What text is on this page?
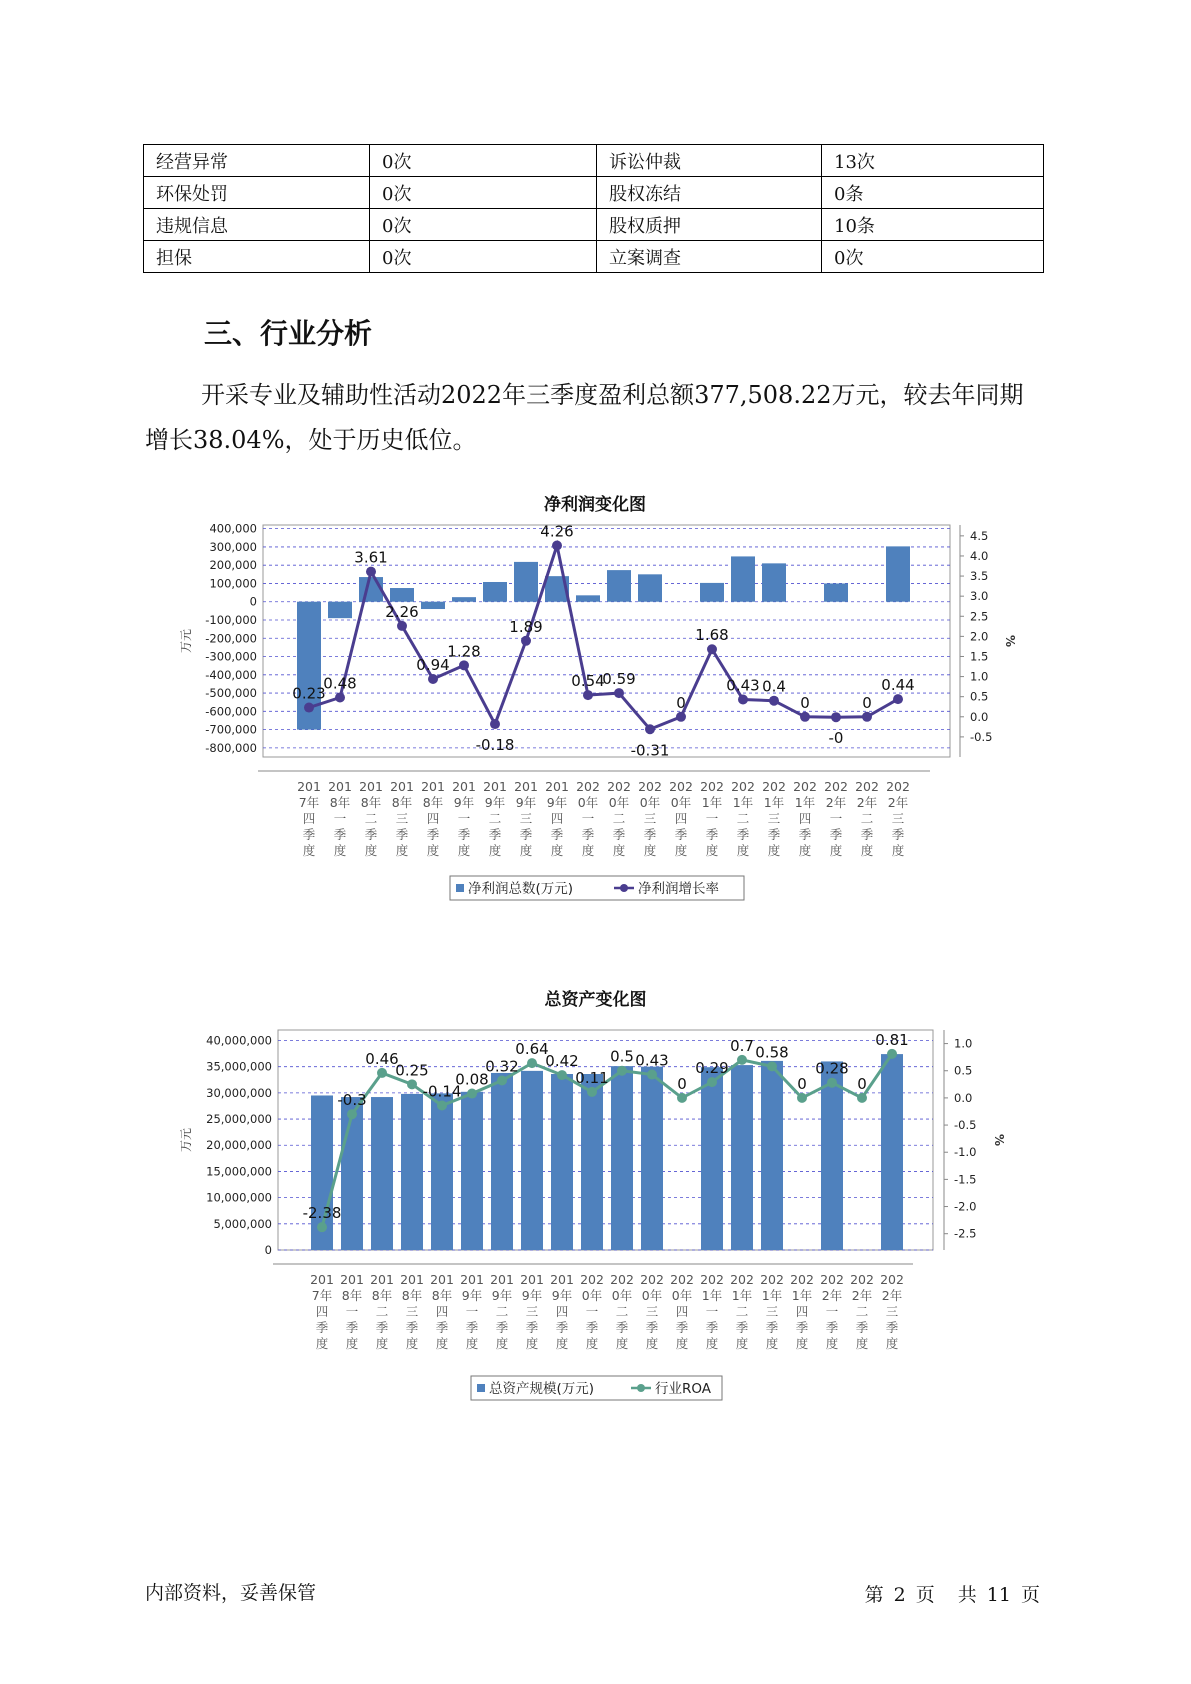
经营异常	0次	诉讼仲裁	13次
环保处罚	0次	股权冻结	0条
违规信息	0次	股权质押	10条
担保	0次	立案调查	0次
三、行业分析

开采专业及辅助性活动2022年三季度盈利总额377,508.22万元，较去年同期增长38.04%，处于历史低位。

净利润变化图
400,000
300,000
200,000
100,000
0
-100,000
-200,000
-300,000
-400,000
-500,000
-600,000
-700,000
-800,000
万元
4.5
4.0
3.5
3.0
2.5
2.0
1.5
1.0
0.5
0.0
-0.5
%
0.23
0.48
3.61
2.26
0.94
1.28
-0.18
1.89
4.26
0.54
0.59
-0.31
0
1.68
0.43 0.4
0
-0
0
0.44
201
7年
四
季
度
201
8年
一
季
度
201
8年
二
季
度
201
8年
三
季
度
201
8年
四
季
度
201
9年
一
季
度
201
9年
二
季
度
201
9年
三
季
度
201
9年
四
季
度
202
0年
一
季
度
202
0年
二
季
度
202
0年
三
季
度
202
0年
四
季
度
202
1年
一
季
度
202
1年
二
季
度
202
1年
三
季
度
202
1年
四
季
度
202
2年
一
季
度
202
2年
二
季
度
202
2年
三
季
度
净利润总数(万元)	净利润增长率
40,000,000
35,000,000
30,000,000
25,000,000
20,000,000
15,000,000
10,000,000
5,000,000
0
万元
1.0
0.5
0.0
-0.5
-1.0
-1.5
-2.0
-2.5
%
-2.38
-0.3
0.46
0.25
-0.14
0.08
0.32
0.64
0.42
0.11
0.5 0.43
0
0.29
0.7 0.58
0
0.28
0
0.81
201
7年
四
季
度
201
8年
一
季
度
201
8年
二
季
度
201
8年
三
季
度
201
8年
四
季
度
201
9年
一
季
度
201
9年
二
季
度
201
9年
三
季
度
201
9年
四
季
度
202
0年
一
季
度
202
0年
二
季
度
202
0年
三
季
度
202
0年
四
季
度
202
1年
一
季
度
202
1年
二
季
度
202
1年
三
季
度
202
1年
四
季
度
202
2年
一
季
度
202
2年
二
季
度
202
2年
三
季
度
总资产规模(万元)	行业ROA
内部资料，妥善保管	第 2 页 共 11 页
总资产变化图
